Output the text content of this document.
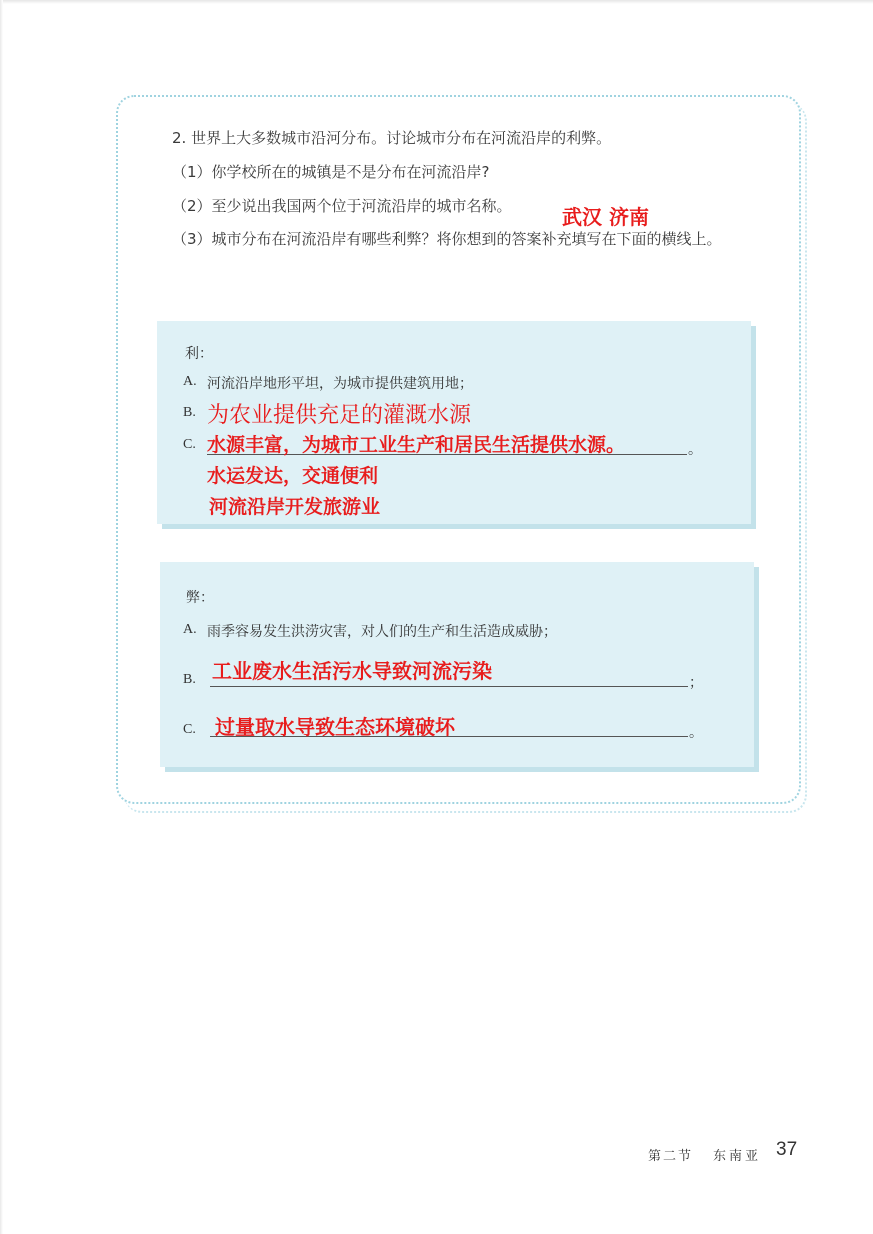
2. 世界上大多数城市沿河分布。讨论城市分布在河流沿岸的利弊。
（1）你学校所在的城镇是不是分布在河流沿岸?
（2）至少说出我国两个位于河流沿岸的城市名称。	武汉 济南
（3）城市分布在河流沿岸有哪些利弊？将你想到的答案补充填写在下面的横线上。
利：
A. 河流沿岸地形平坦，为城市提供建筑用地；
B.
C.	。
为农业提供充足的灌溉水源
水源丰富，为城市工业生产和居民生活提供水源。
水运发达，交通便利
河流沿岸开发旅游业
弊：
A. 雨季容易发生洪涝灾害，对人们的生产和生活造成威胁；
B.	；
C.	。
工业废水生活污水导致河流污染
过量取水导致生态环境破坏
第二节 东南亚 37
